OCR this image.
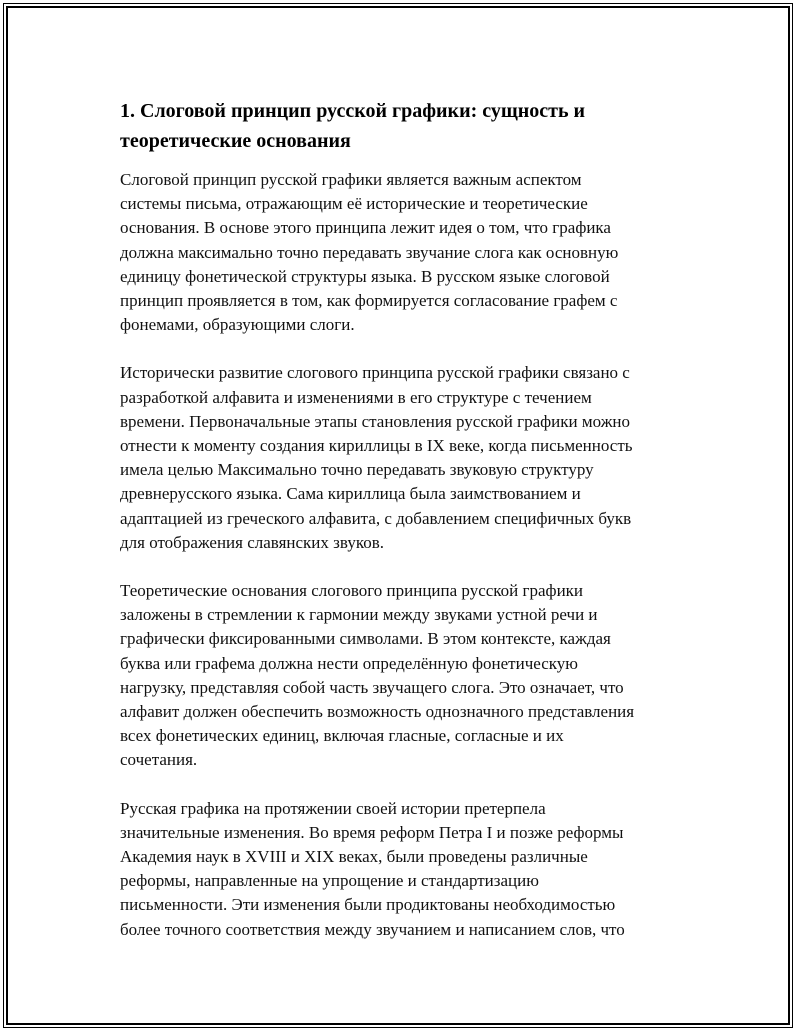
1. Слоговой принцип русской графики: сущность и
теоретические основания

Слоговой принцип русской графики является важным аспектом
системы письма, отражающим её исторические и теоретические
основания. В основе этого принципа лежит идея о том, что графика
должна максимально точно передавать звучание слога как основную
единицу фонетической структуры языка. В русском языке слоговой
принцип проявляется в том, как формируется согласование графем с
фонемами, образующими слоги.

Исторически развитие слогового принципа русской графики связано с
разработкой алфавита и изменениями в его структуре с течением
времени. Первоначальные этапы становления русской графики можно
отнести к моменту создания кириллицы в IX веке, когда письменность
имела целью Максимально точно передавать звуковую структуру
древнерусского языка. Сама кириллица была заимствованием и
адаптацией из греческого алфавита, с добавлением специфичных букв
для отображения славянских звуков.

Теоретические основания слогового принципа русской графики
заложены в стремлении к гармонии между звуками устной речи и
графически фиксированными символами. В этом контексте, каждая
буква или графема должна нести определённую фонетическую
нагрузку, представляя собой часть звучащего слога. Это означает, что
алфавит должен обеспечить возможность однозначного представления
всех фонетических единиц, включая гласные, согласные и их
сочетания.

Русская графика на протяжении своей истории претерпела
значительные изменения. Во время реформ Петра I и позже реформы
Академия наук в XVIII и XIX веках, были проведены различные
реформы, направленные на упрощение и стандартизацию
письменности. Эти изменения были продиктованы необходимостью
более точного соответствия между звучанием и написанием слов, что
